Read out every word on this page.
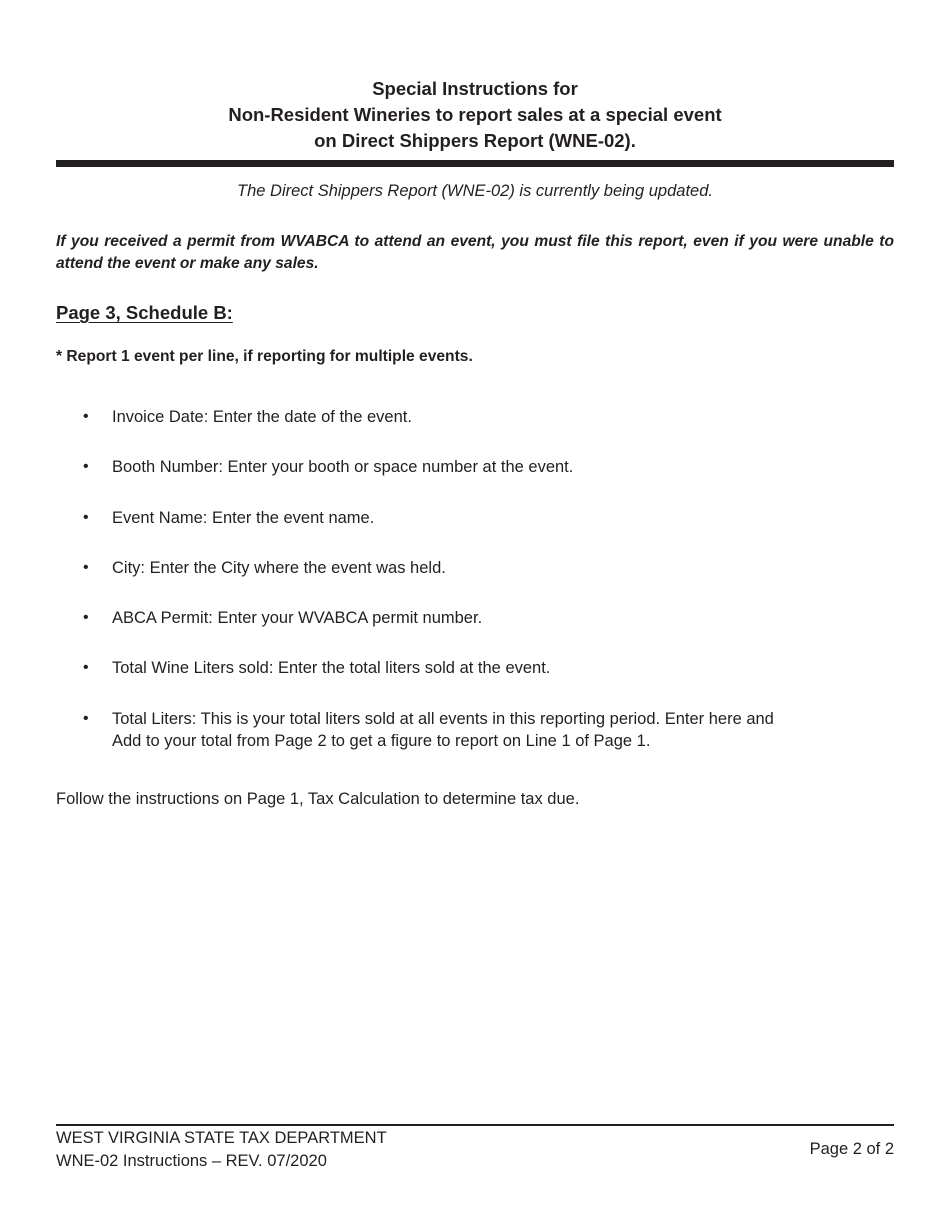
Special Instructions for
Non-Resident Wineries to report sales at a special event
on Direct Shippers Report (WNE-02).
The Direct Shippers Report (WNE-02) is currently being updated.
If you received a permit from WVABCA to attend an event, you must file this report, even if you were unable to attend the event or make any sales.
Page 3, Schedule B:
* Report 1 event per line, if reporting for multiple events.
• Invoice Date: Enter the date of the event.
• Booth Number: Enter your booth or space number at the event.
• Event Name: Enter the event name.
• City: Enter the City where the event was held.
• ABCA Permit: Enter your WVABCA permit number.
• Total Wine Liters sold: Enter the total liters sold at the event.
• Total Liters: This is your total liters sold at all events in this reporting period. Enter here and
Add to your total from Page 2 to get a figure to report on Line 1 of Page 1.
Follow the instructions on Page 1, Tax Calculation to determine tax due.
WEST VIRGINIA STATE TAX DEPARTMENT
WNE-02 Instructions – REV. 07/2020
Page 2 of 2
